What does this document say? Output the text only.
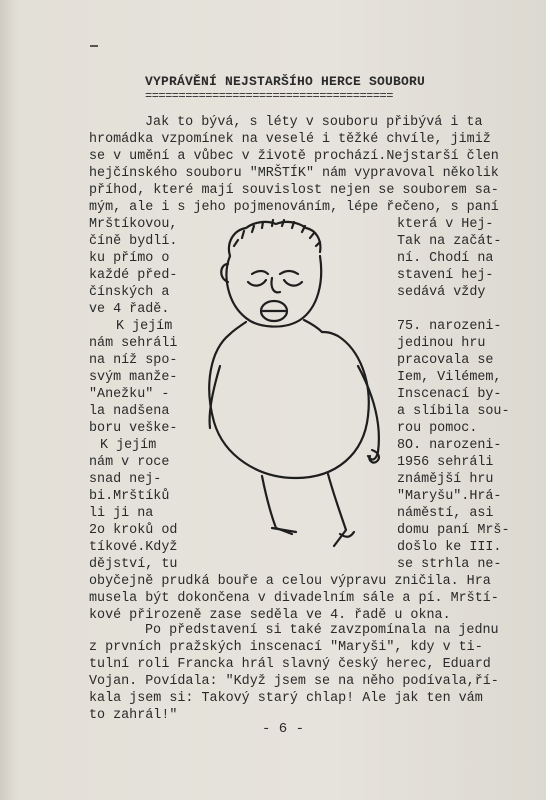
VYPRÁVĚNÍ NEJSTARŠÍHO HERCE SOUBORU
=====================================
Jak to bývá, s léty v souboru přibývá i ta
hromádka vzpomínek na veselé i těžké chvíle, jimiž
se v umění a vůbec v životě prochází.Nejstarší člen
hejčínského souboru "MRŠTÍK" nám vypravoval několik
příhod, které mají souvislost nejen se souborem sa-
mým, ale i s jeho pojmenováním, lépe řečeno, s paní
Mrštíkovou,
číně bydlí.
ku přímo o
každé před-
čínských a
ve 4 řadě.
K jejím
nám sehráli
na níž spo-
svým manže-
"Anežku" -
la nadšena
boru veške-
K jejím
nám v roce
snad nej-
bi.Mrštíků
li ji na
2o kroků od
tíkové.Když
dějství, tu
která v Hej-
Tak na začát-
ní. Chodí na
stavení hej-
sedává vždy
75. narozeni-
jedinou hru
pracovala se
Iem, Vilémem,
Inscenací by-
a slíbila sou-
rou pomoc.
8O. narozeni-
1956 sehráli
známější hru
"Maryšu".Hrá-
náměstí, asi
domu paní Mrš-
došlo ke III.
se strhla ne-
obyčejně prudká bouře a celou výpravu zničila. Hra
musela být dokončena v divadelním sále a pí. Mrští-
kové přirozeně zase seděla ve 4. řadě u okna.
Po představení si také zavzpomínala na jednu
z prvních pražských inscenací "Maryši", kdy v ti-
tulní roli Francka hrál slavný český herec, Eduard
Vojan. Povídala: "Když jsem se na něho podívala,ří-
kala jsem si: Takový starý chlap! Ale jak ten vám
to zahrál!"
- 6 -
